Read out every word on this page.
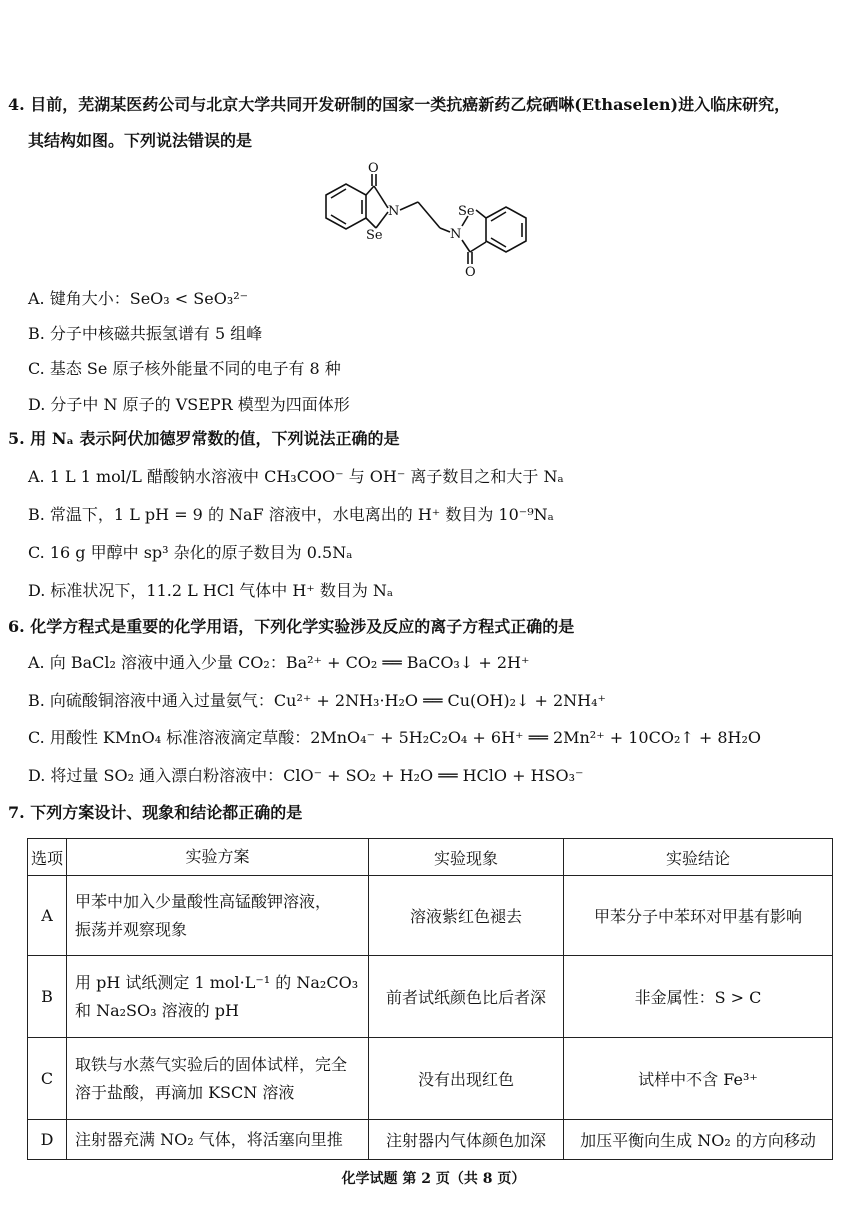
4. 目前，芜湖某医药公司与北京大学共同开发研制的国家一类抗癌新药乙烷硒啉(Ethaselen)进入临床研究，
其结构如图。下列说法错误的是
O
N
Se
Se
N
O
A. 键角大小：SeO₃ < SeO₃²⁻
B. 分子中核磁共振氢谱有 5 组峰
C. 基态 Se 原子核外能量不同的电子有 8 种
D. 分子中 N 原子的 VSEPR 模型为四面体形
5. 用 Nₐ 表示阿伏加德罗常数的值，下列说法正确的是
A. 1 L 1 mol/L 醋酸钠水溶液中 CH₃COO⁻ 与 OH⁻ 离子数目之和大于 Nₐ
B. 常温下，1 L pH = 9 的 NaF 溶液中，水电离出的 H⁺ 数目为 10⁻⁹Nₐ
C. 16 g 甲醇中 sp³ 杂化的原子数目为 0.5Nₐ
D. 标准状况下，11.2 L HCl 气体中 H⁺ 数目为 Nₐ
6. 化学方程式是重要的化学用语，下列化学实验涉及反应的离子方程式正确的是
A. 向 BaCl₂ 溶液中通入少量 CO₂：Ba²⁺ + CO₂ ══ BaCO₃↓ + 2H⁺
B. 向硫酸铜溶液中通入过量氨气：Cu²⁺ + 2NH₃·H₂O ══ Cu(OH)₂↓ + 2NH₄⁺
C. 用酸性 KMnO₄ 标准溶液滴定草酸：2MnO₄⁻ + 5H₂C₂O₄ + 6H⁺ ══ 2Mn²⁺ + 10CO₂↑ + 8H₂O
D. 将过量 SO₂ 通入漂白粉溶液中：ClO⁻ + SO₂ + H₂O ══ HClO + HSO₃⁻
7. 下列方案设计、现象和结论都正确的是
选项	实验方案	实验现象	实验结论
A	甲苯中加入少量酸性高锰酸钾溶液，
振荡并观察现象	溶液紫红色褪去	甲苯分子中苯环对甲基有影响
B	用 pH 试纸测定 1 mol·L⁻¹ 的 Na₂CO₃
和 Na₂SO₃ 溶液的 pH	前者试纸颜色比后者深	非金属性：S > C
C	取铁与水蒸气实验后的固体试样，完全
溶于盐酸，再滴加 KSCN 溶液	没有出现红色	试样中不含 Fe³⁺
D	注射器充满 NO₂ 气体，将活塞向里推	注射器内气体颜色加深	加压平衡向生成 NO₂ 的方向移动
化学试题 第 2 页（共 8 页）
